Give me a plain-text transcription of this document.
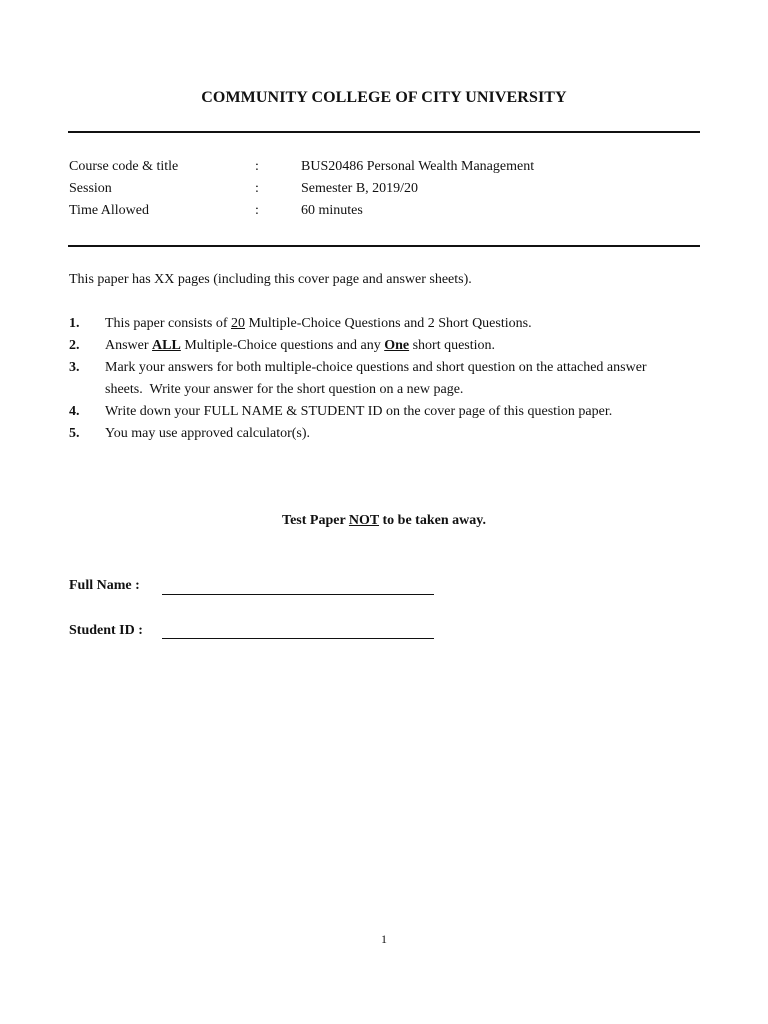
COMMUNITY COLLEGE OF CITY UNIVERSITY
Course code & title	:	BUS20486 Personal Wealth Management
Session	:	Semester B, 2019/20
Time Allowed	:	60 minutes
This paper has XX pages (including this cover page and answer sheets).
1. This paper consists of 20 Multiple-Choice Questions and 2 Short Questions.
2. Answer ALL Multiple-Choice questions and any One short question.
3. Mark your answers for both multiple-choice questions and short question on the attached answer
sheets.  Write your answer for the short question on a new page.
4. Write down your FULL NAME & STUDENT ID on the cover page of this question paper.
5. You may use approved calculator(s).
Test Paper NOT to be taken away.
Full Name :
Student ID :
1
